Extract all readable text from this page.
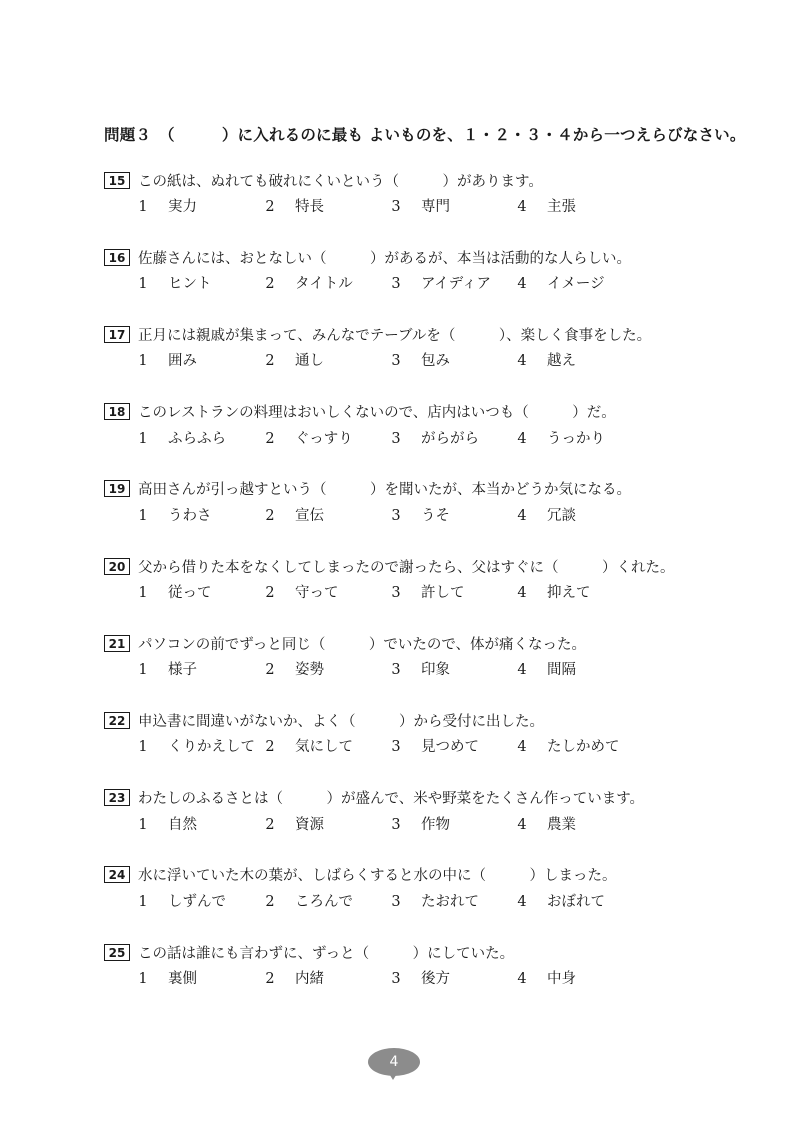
問題３　（　　　）に入れるのに最も よいものを、１・２・３・４から一つえらびなさい。
15 この紙は、ぬれても破れにくいという（　　　）があります。
1 実力	2 特長	3 専門	4 主張
16 佐藤さんには、おとなしい（　　　）があるが、本当は活動的な人らしい。
1 ヒント	2 タイトル	3 アイディア	4 イメージ
17 正月には親戚が集まって、みんなでテーブルを（　　　）、楽しく食事をした。
1 囲み	2 通し	3 包み	4 越え
18 このレストランの料理はおいしくないので、店内はいつも（　　　）だ。
1 ふらふら	2 ぐっすり	3 がらがら	4 うっかり
19 高田さんが引っ越すという（　　　）を聞いたが、本当かどうか気になる。
1 うわさ	2 宣伝	3 うそ	4 冗談
20 父から借りた本をなくしてしまったので謝ったら、父はすぐに（　　　）くれた。
1 従って	2 守って	3 許して	4 抑えて
21 パソコンの前でずっと同じ（　　　）でいたので、体が痛くなった。
1 様子	2 姿勢	3 印象	4 間隔
22 申込書に間違いがないか、よく（　　　）から受付に出した。
1 くりかえして 2 気にして	3 見つめて	4 たしかめて
23 わたしのふるさとは（　　　）が盛んで、米や野菜をたくさん作っています。
1 自然	2 資源	3 作物	4 農業
24 水に浮いていた木の葉が、しばらくすると水の中に（　　　）しまった。
1 しずんで	2 ころんで	3 たおれて	4 おぼれて
25 この話は誰にも言わずに、ずっと（　　　）にしていた。
1 裏側	2 内緒	3 後方	4 中身
4
